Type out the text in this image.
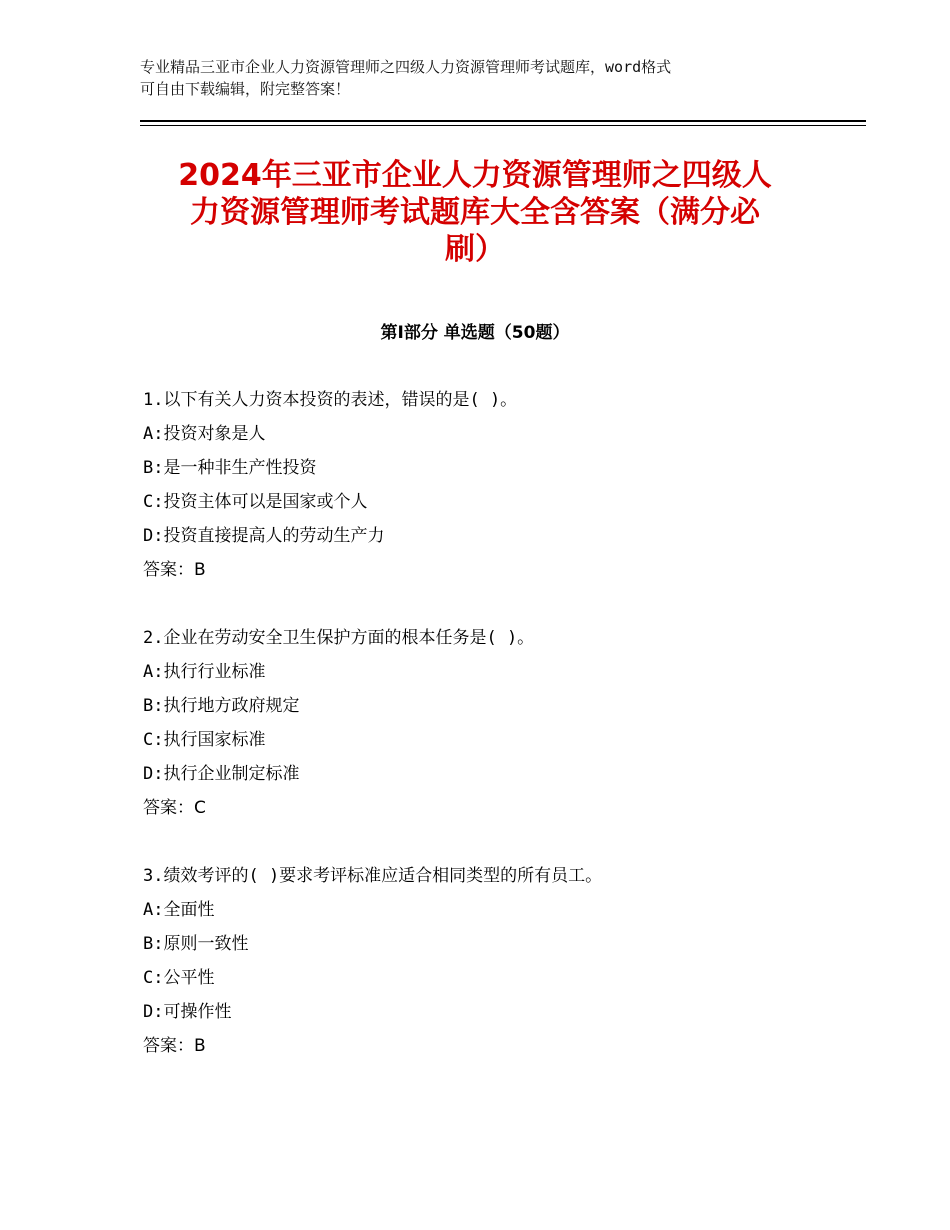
专业精品三亚市企业人力资源管理师之四级人力资源管理师考试题库，word格式
可自由下载编辑，附完整答案！
2024年三亚市企业人力资源管理师之四级人
力资源管理师考试题库大全含答案（满分必
刷）
第Ⅰ部分 单选题（50题）
1.以下有关人力资本投资的表述，错误的是( )。
A:投资对象是人
B:是一种非生产性投资
C:投资主体可以是国家或个人
D:投资直接提高人的劳动生产力
答案：B
2.企业在劳动安全卫生保护方面的根本任务是( )。
A:执行行业标准
B:执行地方政府规定
C:执行国家标准
D:执行企业制定标准
答案：C
3.绩效考评的( )要求考评标准应适合相同类型的所有员工。
A:全面性
B:原则一致性
C:公平性
D:可操作性
答案：B
